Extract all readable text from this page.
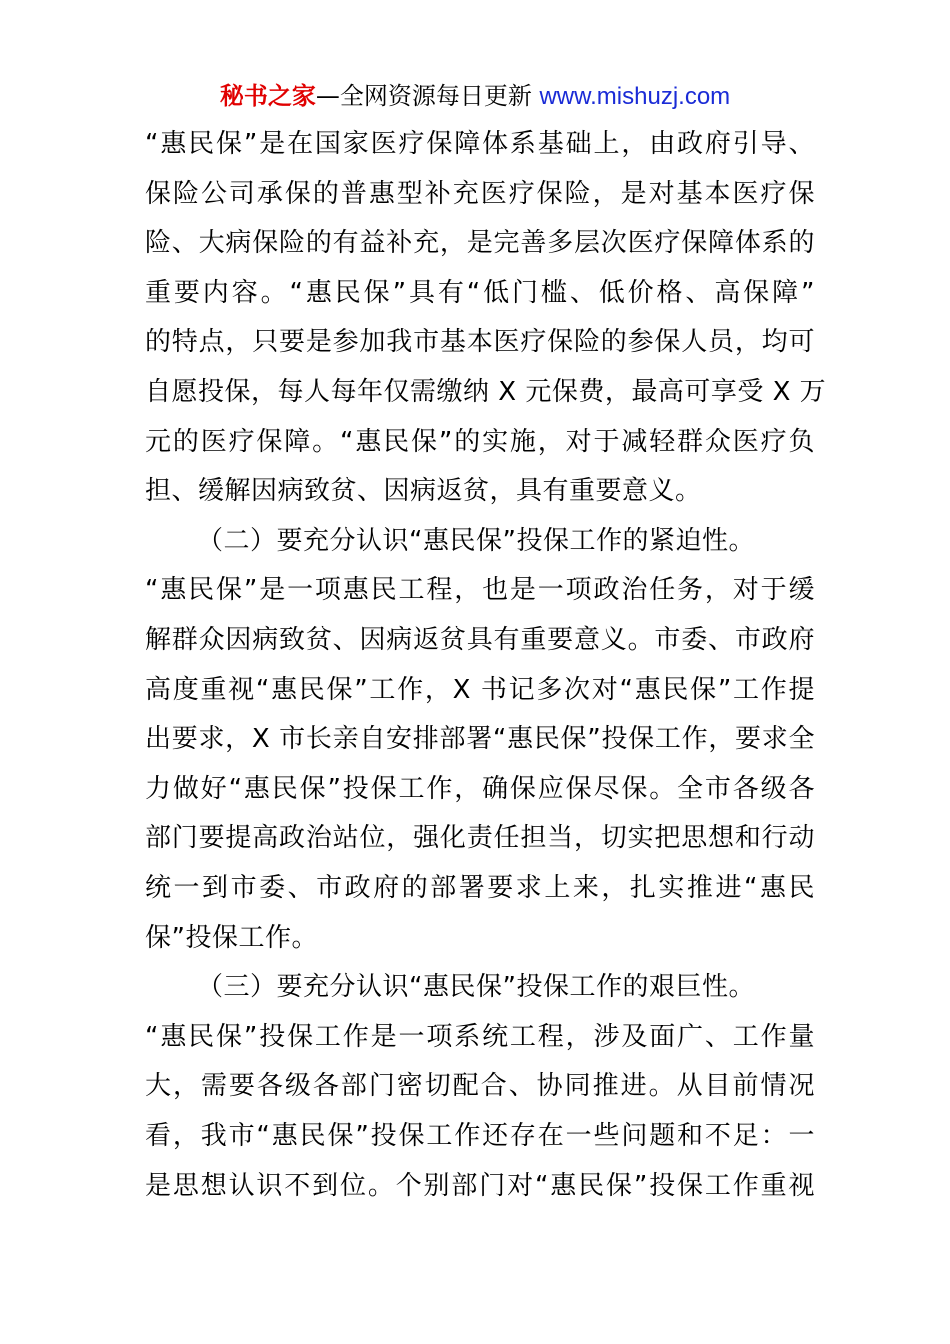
秘书之家—全网资源每日更新 www.mishuzj.com
“惠民保”是在国家医疗保障体系基础上，由政府引导、
保险公司承保的普惠型补充医疗保险，是对基本医疗保
险、大病保险的有益补充，是完善多层次医疗保障体系的
重要内容。“惠民保”具有“低门槛、低价格、高保障”
的特点，只要是参加我市基本医疗保险的参保人员，均可
自愿投保，每人每年仅需缴纳 X 元保费，最高可享受 X 万
元的医疗保障。“惠民保”的实施，对于减轻群众医疗负
担、缓解因病致贫、因病返贫，具有重要意义。
（二）要充分认识“惠民保”投保工作的紧迫性。
“惠民保”是一项惠民工程，也是一项政治任务，对于缓
解群众因病致贫、因病返贫具有重要意义。市委、市政府
高度重视“惠民保”工作，X 书记多次对“惠民保”工作提
出要求，X 市长亲自安排部署“惠民保”投保工作，要求全
力做好“惠民保”投保工作，确保应保尽保。全市各级各
部门要提高政治站位，强化责任担当，切实把思想和行动
统一到市委、市政府的部署要求上来，扎实推进“惠民
保”投保工作。
（三）要充分认识“惠民保”投保工作的艰巨性。
“惠民保”投保工作是一项系统工程，涉及面广、工作量
大，需要各级各部门密切配合、协同推进。从目前情况
看，我市“惠民保”投保工作还存在一些问题和不足：一
是思想认识不到位。个别部门对“惠民保”投保工作重视
